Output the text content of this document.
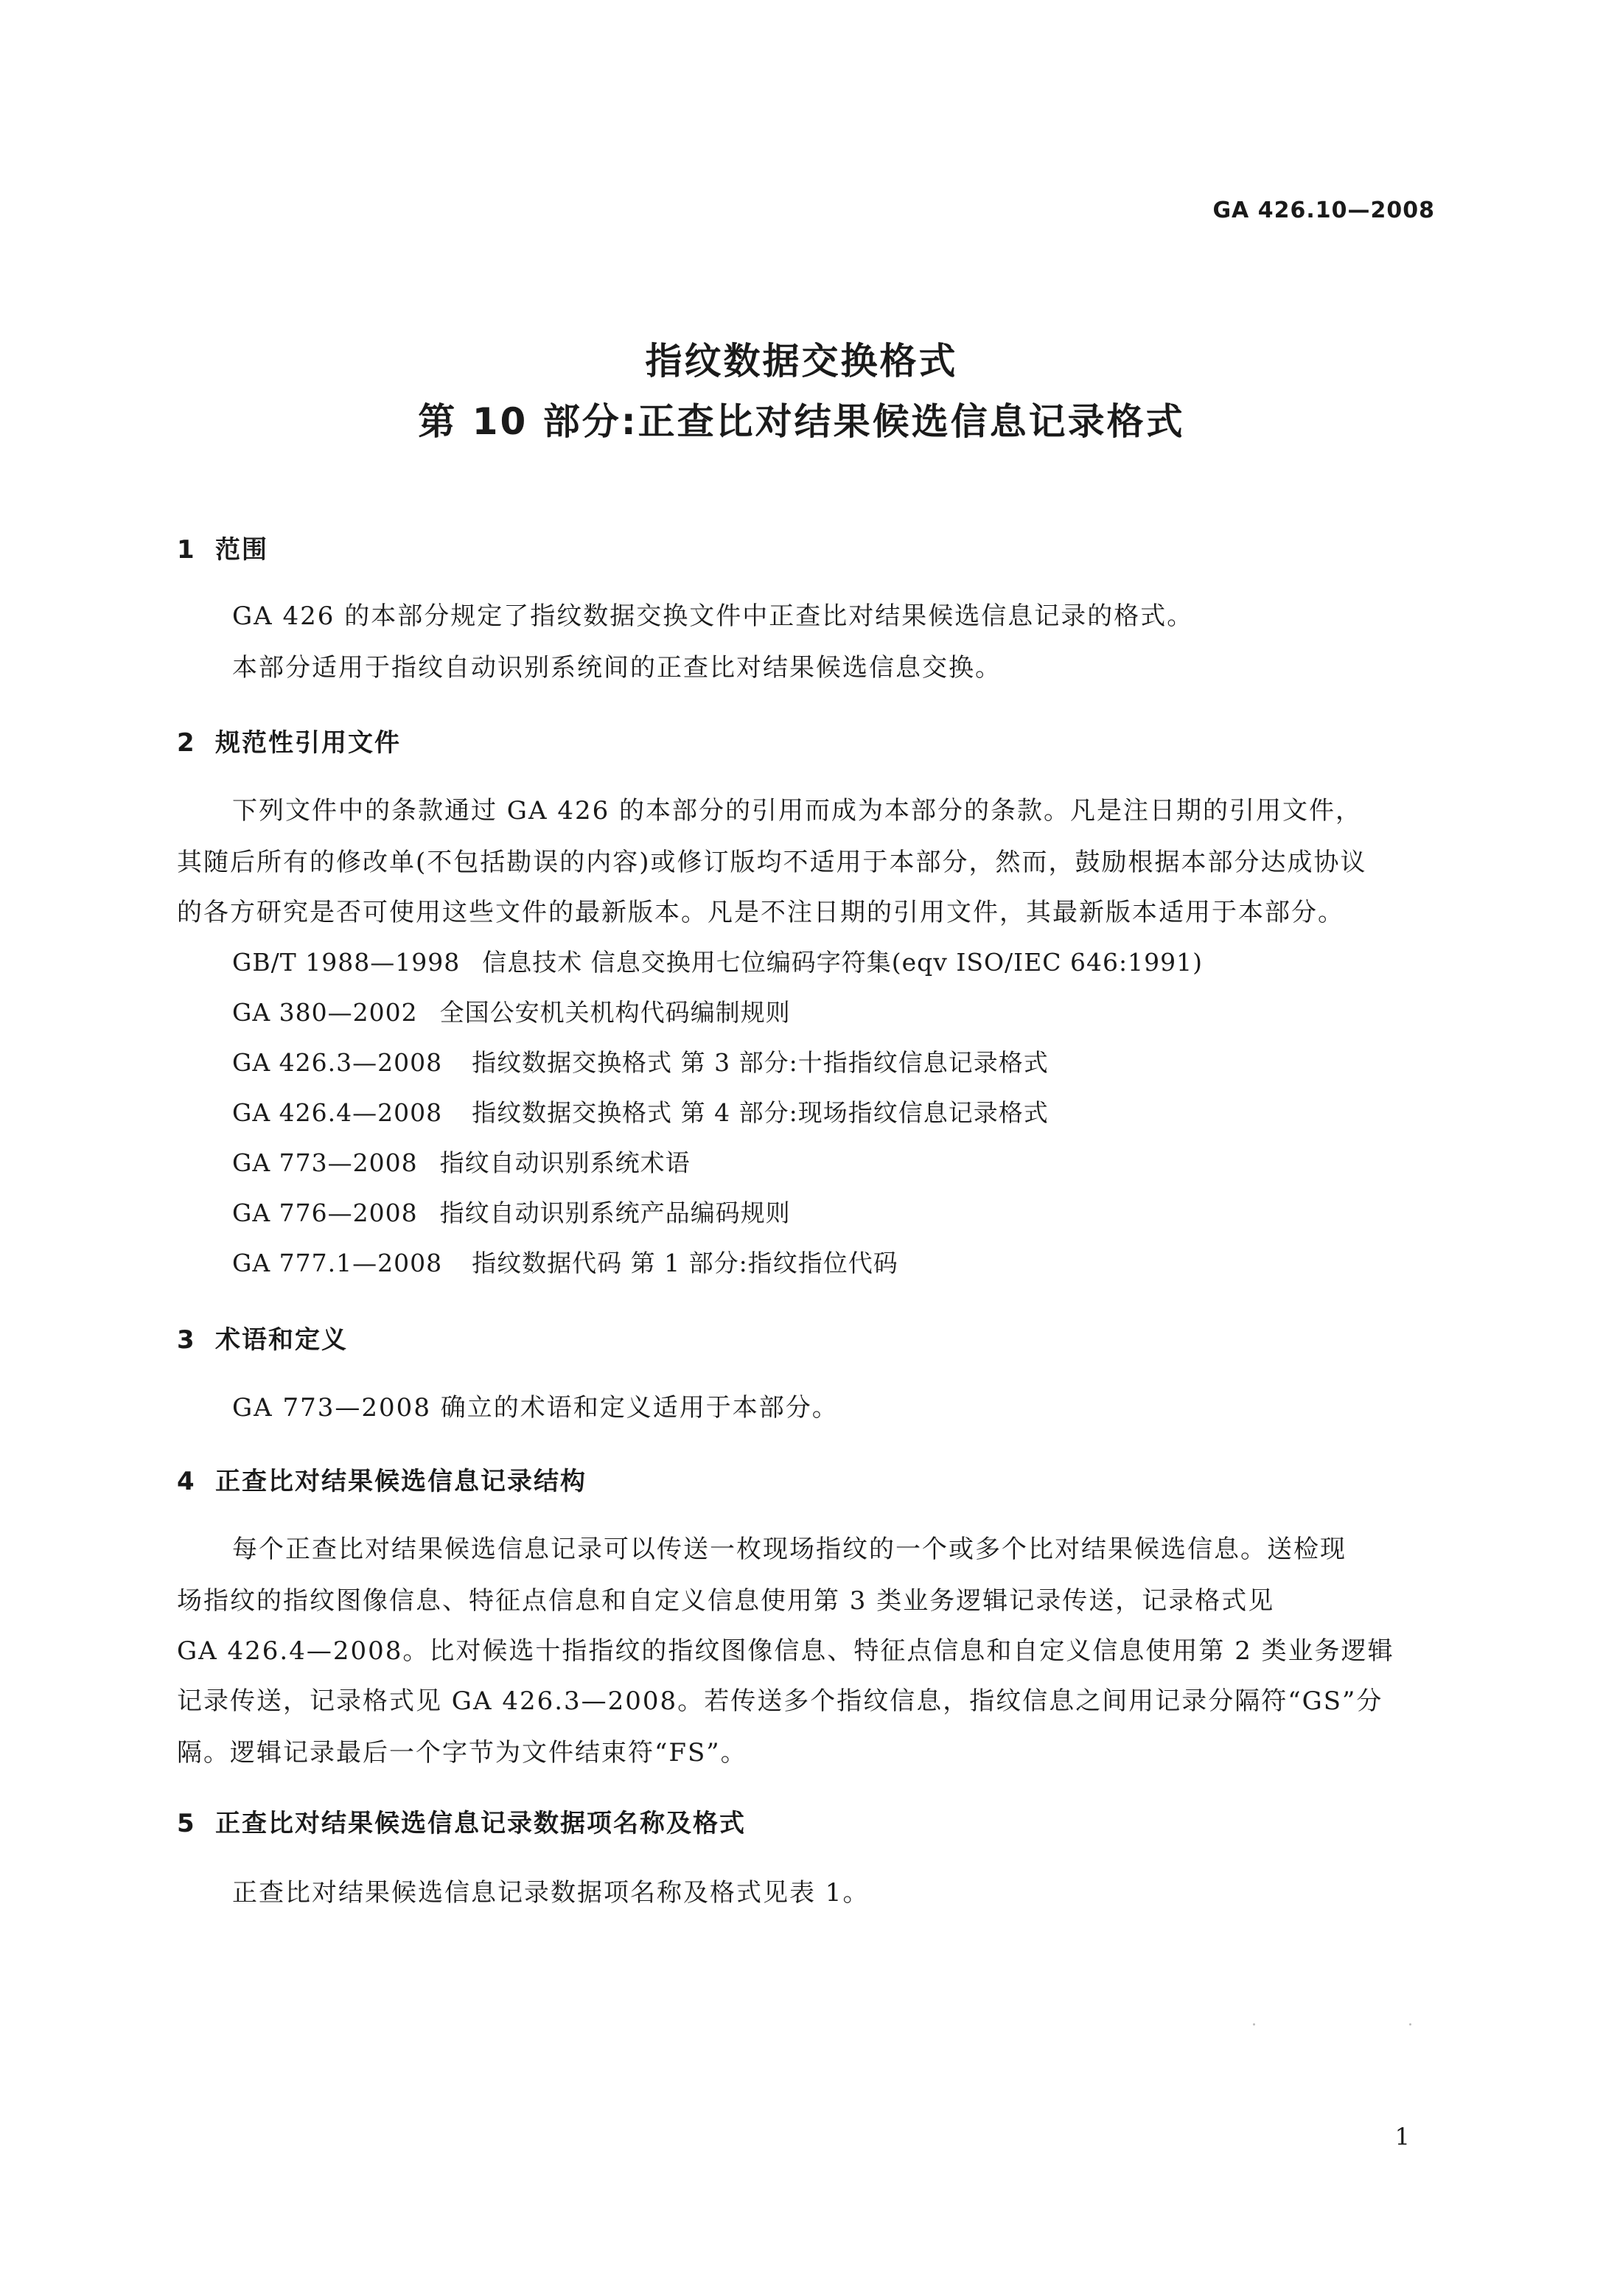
GA 426.10—2008
指纹数据交换格式
第 10 部分:正查比对结果候选信息记录格式
1 范围
GA 426 的本部分规定了指纹数据交换文件中正查比对结果候选信息记录的格式。
本部分适用于指纹自动识别系统间的正查比对结果候选信息交换。
2 规范性引用文件
下列文件中的条款通过 GA 426 的本部分的引用而成为本部分的条款。凡是注日期的引用文件，
其随后所有的修改单(不包括勘误的内容)或修订版均不适用于本部分，然而，鼓励根据本部分达成协议
的各方研究是否可使用这些文件的最新版本。凡是不注日期的引用文件，其最新版本适用于本部分。
GB/T 1988—1998 信息技术 信息交换用七位编码字符集(eqv ISO/IEC 646:1991)
GA 380—2002 全国公安机关机构代码编制规则
GA 426.3—2008 指纹数据交换格式 第 3 部分:十指指纹信息记录格式
GA 426.4—2008 指纹数据交换格式 第 4 部分:现场指纹信息记录格式
GA 773—2008 指纹自动识别系统术语
GA 776—2008 指纹自动识别系统产品编码规则
GA 777.1—2008 指纹数据代码 第 1 部分:指纹指位代码
3 术语和定义
GA 773—2008 确立的术语和定义适用于本部分。
4 正查比对结果候选信息记录结构
每个正查比对结果候选信息记录可以传送一枚现场指纹的一个或多个比对结果候选信息。送检现
场指纹的指纹图像信息、特征点信息和自定义信息使用第 3 类业务逻辑记录传送，记录格式见
GA 426.4—2008。比对候选十指指纹的指纹图像信息、特征点信息和自定义信息使用第 2 类业务逻辑
记录传送，记录格式见 GA 426.3—2008。若传送多个指纹信息，指纹信息之间用记录分隔符“GS”分
隔。逻辑记录最后一个字节为文件结束符“FS”。
5 正查比对结果候选信息记录数据项名称及格式
正查比对结果候选信息记录数据项名称及格式见表 1。
1
